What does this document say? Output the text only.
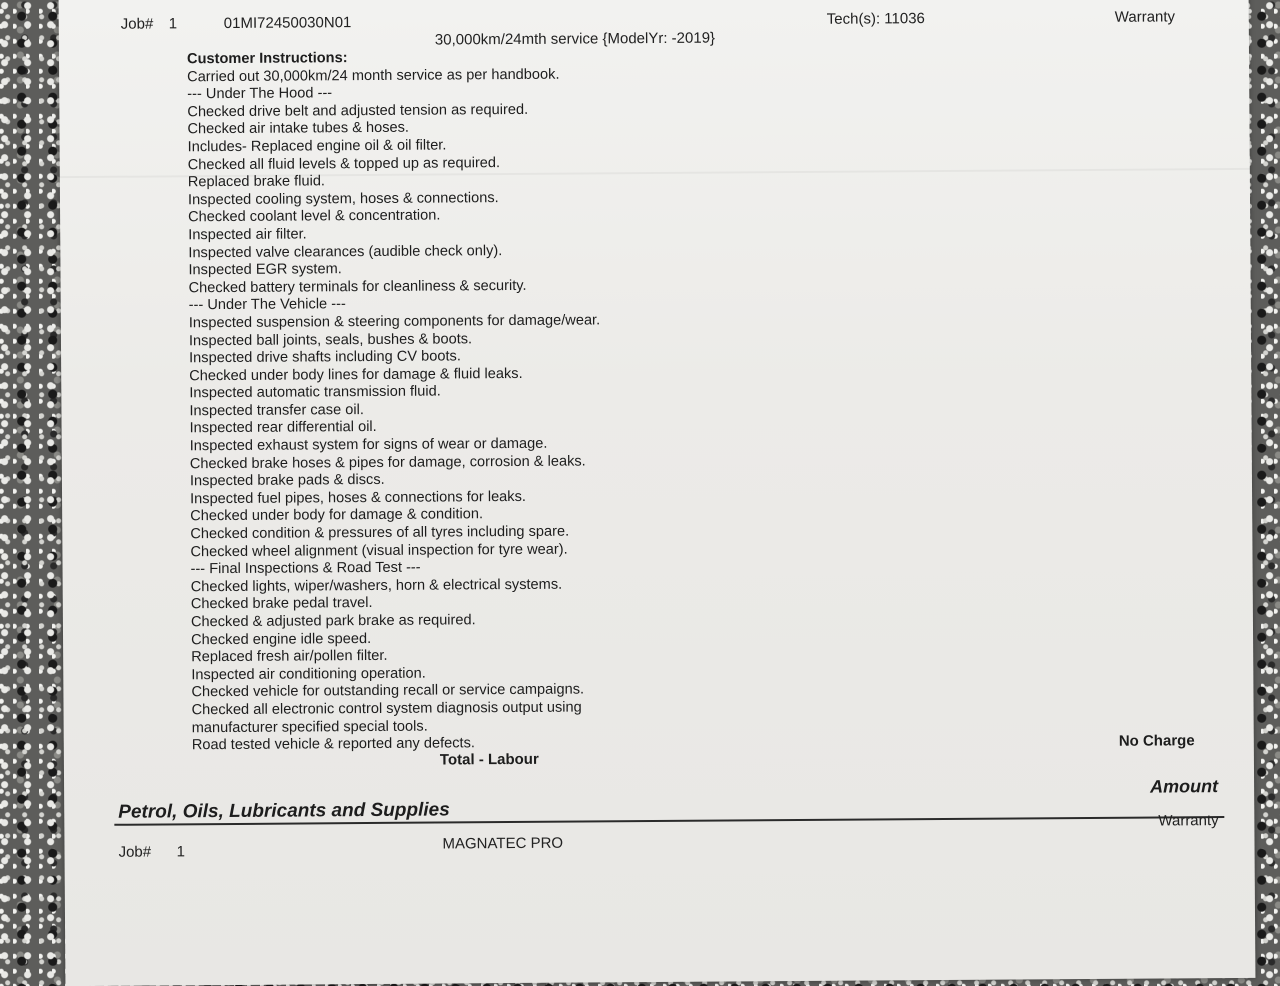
Job# 1	01MI72450030N01	Tech(s): 11036	Warranty
30,000km/24mth service {ModelYr: -2019}
Customer Instructions:
Carried out 30,000km/24 month service as per handbook.
--- Under The Hood ---
Checked drive belt and adjusted tension as required.
Checked air intake tubes & hoses.
Includes- Replaced engine oil & oil filter.
Checked all fluid levels & topped up as required.
Replaced brake fluid.
Inspected cooling system, hoses & connections.
Checked coolant level & concentration.
Inspected air filter.
Inspected valve clearances (audible check only).
Inspected EGR system.
Checked battery terminals for cleanliness & security.
--- Under The Vehicle ---
Inspected suspension & steering components for damage/wear.
Inspected ball joints, seals, bushes & boots.
Inspected drive shafts including CV boots.
Checked under body lines for damage & fluid leaks.
Inspected automatic transmission fluid.
Inspected transfer case oil.
Inspected rear differential oil.
Inspected exhaust system for signs of wear or damage.
Checked brake hoses & pipes for damage, corrosion & leaks.
Inspected brake pads & discs.
Inspected fuel pipes, hoses & connections for leaks.
Checked under body for damage & condition.
Checked condition & pressures of all tyres including spare.
Checked wheel alignment (visual inspection for tyre wear).
--- Final Inspections & Road Test ---
Checked lights, wiper/washers, horn & electrical systems.
Checked brake pedal travel.
Checked & adjusted park brake as required.
Checked engine idle speed.
Replaced fresh air/pollen filter.
Inspected air conditioning operation.
Checked vehicle for outstanding recall or service campaigns.
Checked all electronic control system diagnosis output using
manufacturer specified special tools.
Road tested vehicle & reported any defects.
Total - Labour
No Charge
Petrol, Oils, Lubricants and Supplies
Amount
Warranty
Job# 1	MAGNATEC PRO
